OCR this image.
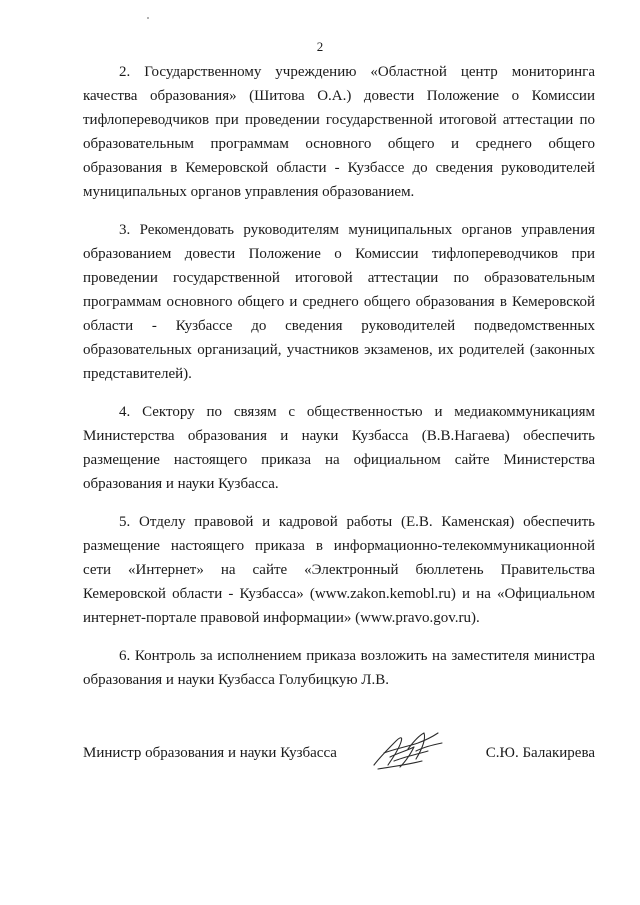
2

2. Государственному учреждению «Областной центр мониторинга качества образования» (Шитова О.А.) довести Положение о Комиссии тифлопереводчиков при проведении государственной итоговой аттестации по образовательным программам основного общего и среднего общего образования в Кемеровской области - Кузбассе до сведения руководителей муниципальных органов управления образованием.

3. Рекомендовать руководителям муниципальных органов управления образованием довести Положение о Комиссии тифлопереводчиков при проведении государственной итоговой аттестации по образовательным программам основного общего и среднего общего образования в Кемеровской области - Кузбассе до сведения руководителей подведомственных образовательных организаций, участников экзаменов, их родителей (законных представителей).

4. Сектору по связям с общественностью и медиакоммуникациям Министерства образования и науки Кузбасса (В.В.Нагаева) обеспечить размещение настоящего приказа на официальном сайте Министерства образования и науки Кузбасса.

5. Отделу правовой и кадровой работы (Е.В. Каменская) обеспечить размещение настоящего приказа в информационно-телекоммуникационной сети «Интернет» на сайте «Электронный бюллетень Правительства Кемеровской области - Кузбасса» (www.zakon.kemobl.ru) и на «Официальном интернет-портале правовой информации» (www.pravo.gov.ru).

6. Контроль за исполнением приказа возложить на заместителя министра образования и науки Кузбасса Голубицкую Л.В.

Министр образования и науки Кузбасса	С.Ю. Балакирева
